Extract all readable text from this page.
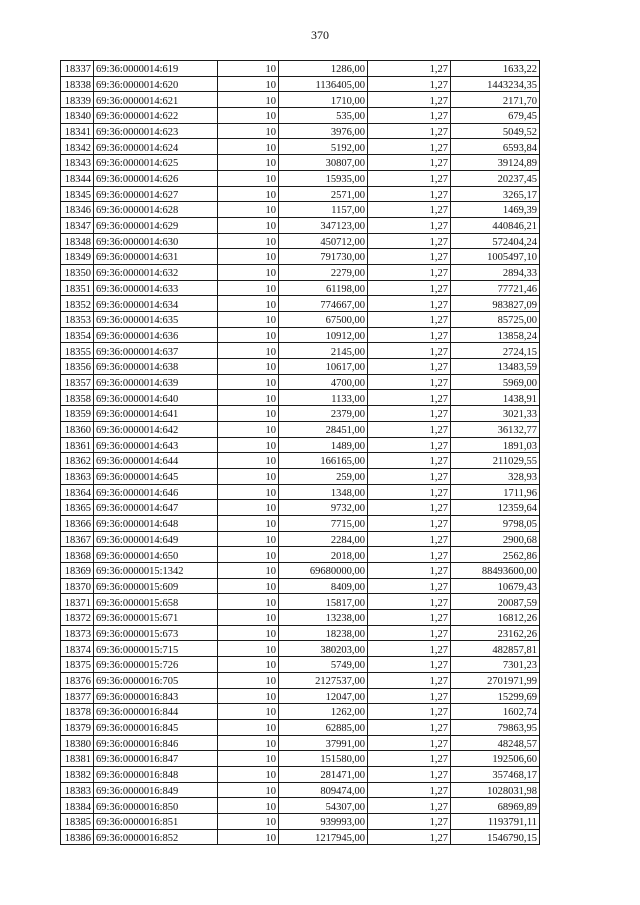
370
18337	69:36:0000014:619	10	1286,00	1,27	1633,22
18338	69:36:0000014:620	10	1136405,00	1,27	1443234,35
18339	69:36:0000014:621	10	1710,00	1,27	2171,70
18340	69:36:0000014:622	10	535,00	1,27	679,45
18341	69:36:0000014:623	10	3976,00	1,27	5049,52
18342	69:36:0000014:624	10	5192,00	1,27	6593,84
18343	69:36:0000014:625	10	30807,00	1,27	39124,89
18344	69:36:0000014:626	10	15935,00	1,27	20237,45
18345	69:36:0000014:627	10	2571,00	1,27	3265,17
18346	69:36:0000014:628	10	1157,00	1,27	1469,39
18347	69:36:0000014:629	10	347123,00	1,27	440846,21
18348	69:36:0000014:630	10	450712,00	1,27	572404,24
18349	69:36:0000014:631	10	791730,00	1,27	1005497,10
18350	69:36:0000014:632	10	2279,00	1,27	2894,33
18351	69:36:0000014:633	10	61198,00	1,27	77721,46
18352	69:36:0000014:634	10	774667,00	1,27	983827,09
18353	69:36:0000014:635	10	67500,00	1,27	85725,00
18354	69:36:0000014:636	10	10912,00	1,27	13858,24
18355	69:36:0000014:637	10	2145,00	1,27	2724,15
18356	69:36:0000014:638	10	10617,00	1,27	13483,59
18357	69:36:0000014:639	10	4700,00	1,27	5969,00
18358	69:36:0000014:640	10	1133,00	1,27	1438,91
18359	69:36:0000014:641	10	2379,00	1,27	3021,33
18360	69:36:0000014:642	10	28451,00	1,27	36132,77
18361	69:36:0000014:643	10	1489,00	1,27	1891,03
18362	69:36:0000014:644	10	166165,00	1,27	211029,55
18363	69:36:0000014:645	10	259,00	1,27	328,93
18364	69:36:0000014:646	10	1348,00	1,27	1711,96
18365	69:36:0000014:647	10	9732,00	1,27	12359,64
18366	69:36:0000014:648	10	7715,00	1,27	9798,05
18367	69:36:0000014:649	10	2284,00	1,27	2900,68
18368	69:36:0000014:650	10	2018,00	1,27	2562,86
18369	69:36:0000015:1342	10	69680000,00	1,27	88493600,00
18370	69:36:0000015:609	10	8409,00	1,27	10679,43
18371	69:36:0000015:658	10	15817,00	1,27	20087,59
18372	69:36:0000015:671	10	13238,00	1,27	16812,26
18373	69:36:0000015:673	10	18238,00	1,27	23162,26
18374	69:36:0000015:715	10	380203,00	1,27	482857,81
18375	69:36:0000015:726	10	5749,00	1,27	7301,23
18376	69:36:0000016:705	10	2127537,00	1,27	2701971,99
18377	69:36:0000016:843	10	12047,00	1,27	15299,69
18378	69:36:0000016:844	10	1262,00	1,27	1602,74
18379	69:36:0000016:845	10	62885,00	1,27	79863,95
18380	69:36:0000016:846	10	37991,00	1,27	48248,57
18381	69:36:0000016:847	10	151580,00	1,27	192506,60
18382	69:36:0000016:848	10	281471,00	1,27	357468,17
18383	69:36:0000016:849	10	809474,00	1,27	1028031,98
18384	69:36:0000016:850	10	54307,00	1,27	68969,89
18385	69:36:0000016:851	10	939993,00	1,27	1193791,11
18386	69:36:0000016:852	10	1217945,00	1,27	1546790,15
